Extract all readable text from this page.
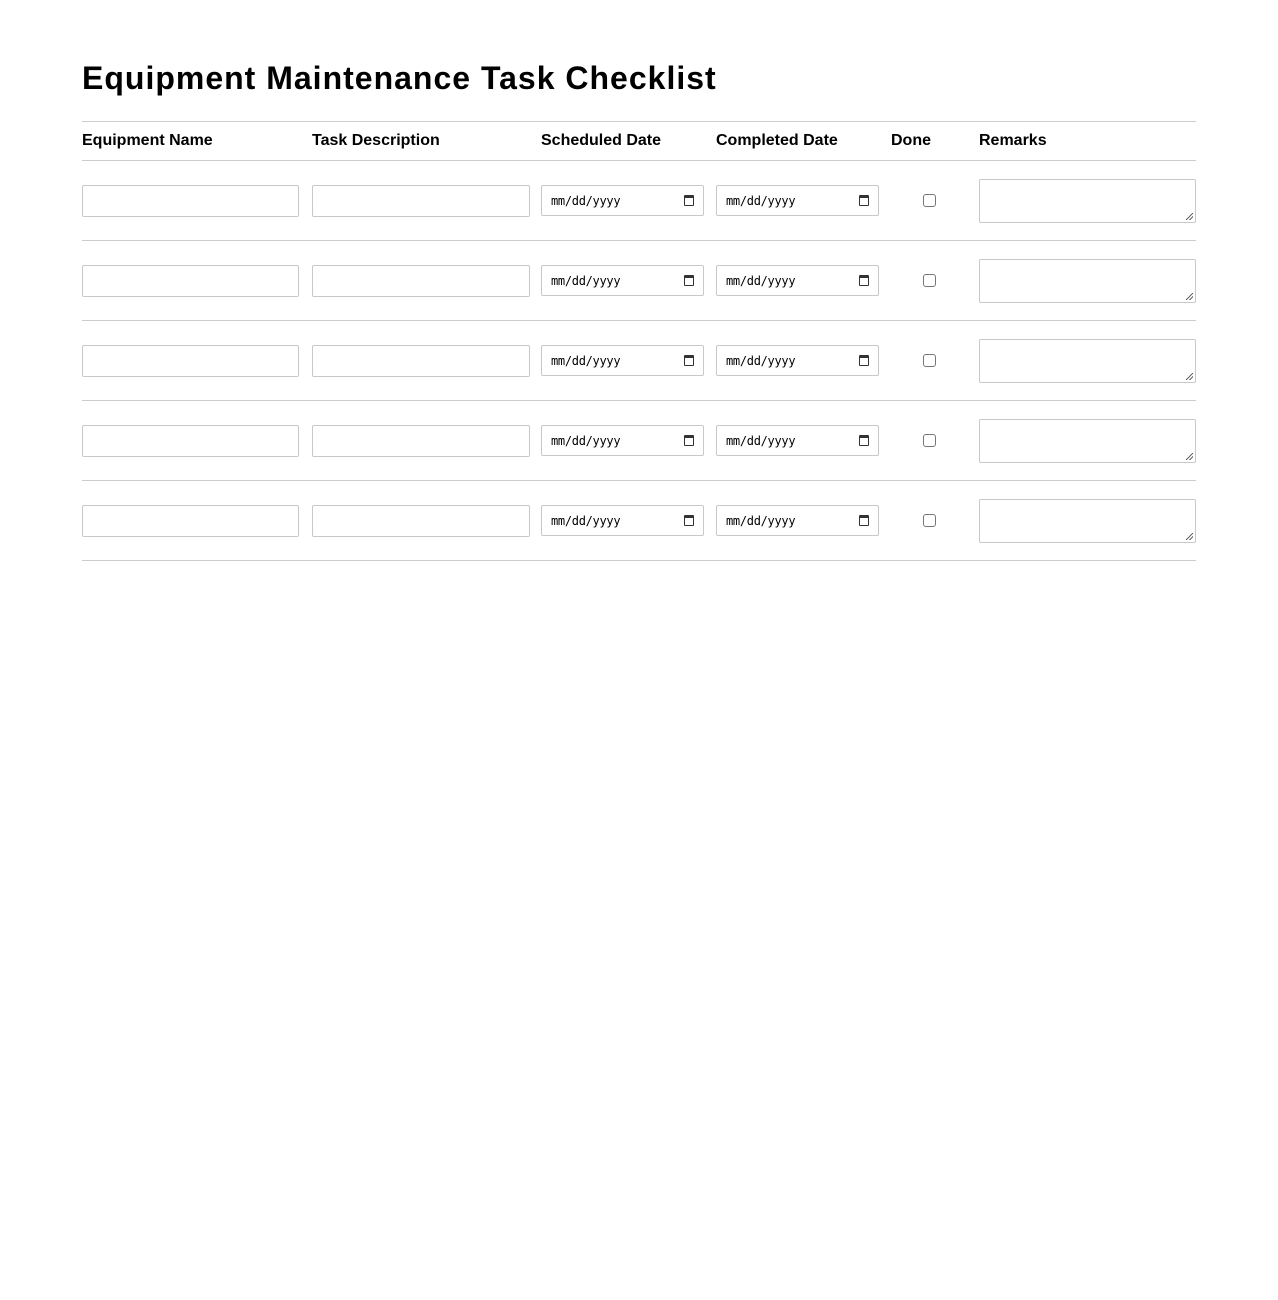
Equipment Maintenance Task Checklist
Equipment Name	Task Description	Scheduled Date	Completed Date	Done	Remarks

		mm/dd/yyyy	mm/dd/yyyy		

		mm/dd/yyyy	mm/dd/yyyy		

		mm/dd/yyyy	mm/dd/yyyy		

		mm/dd/yyyy	mm/dd/yyyy		

		mm/dd/yyyy	mm/dd/yyyy		
